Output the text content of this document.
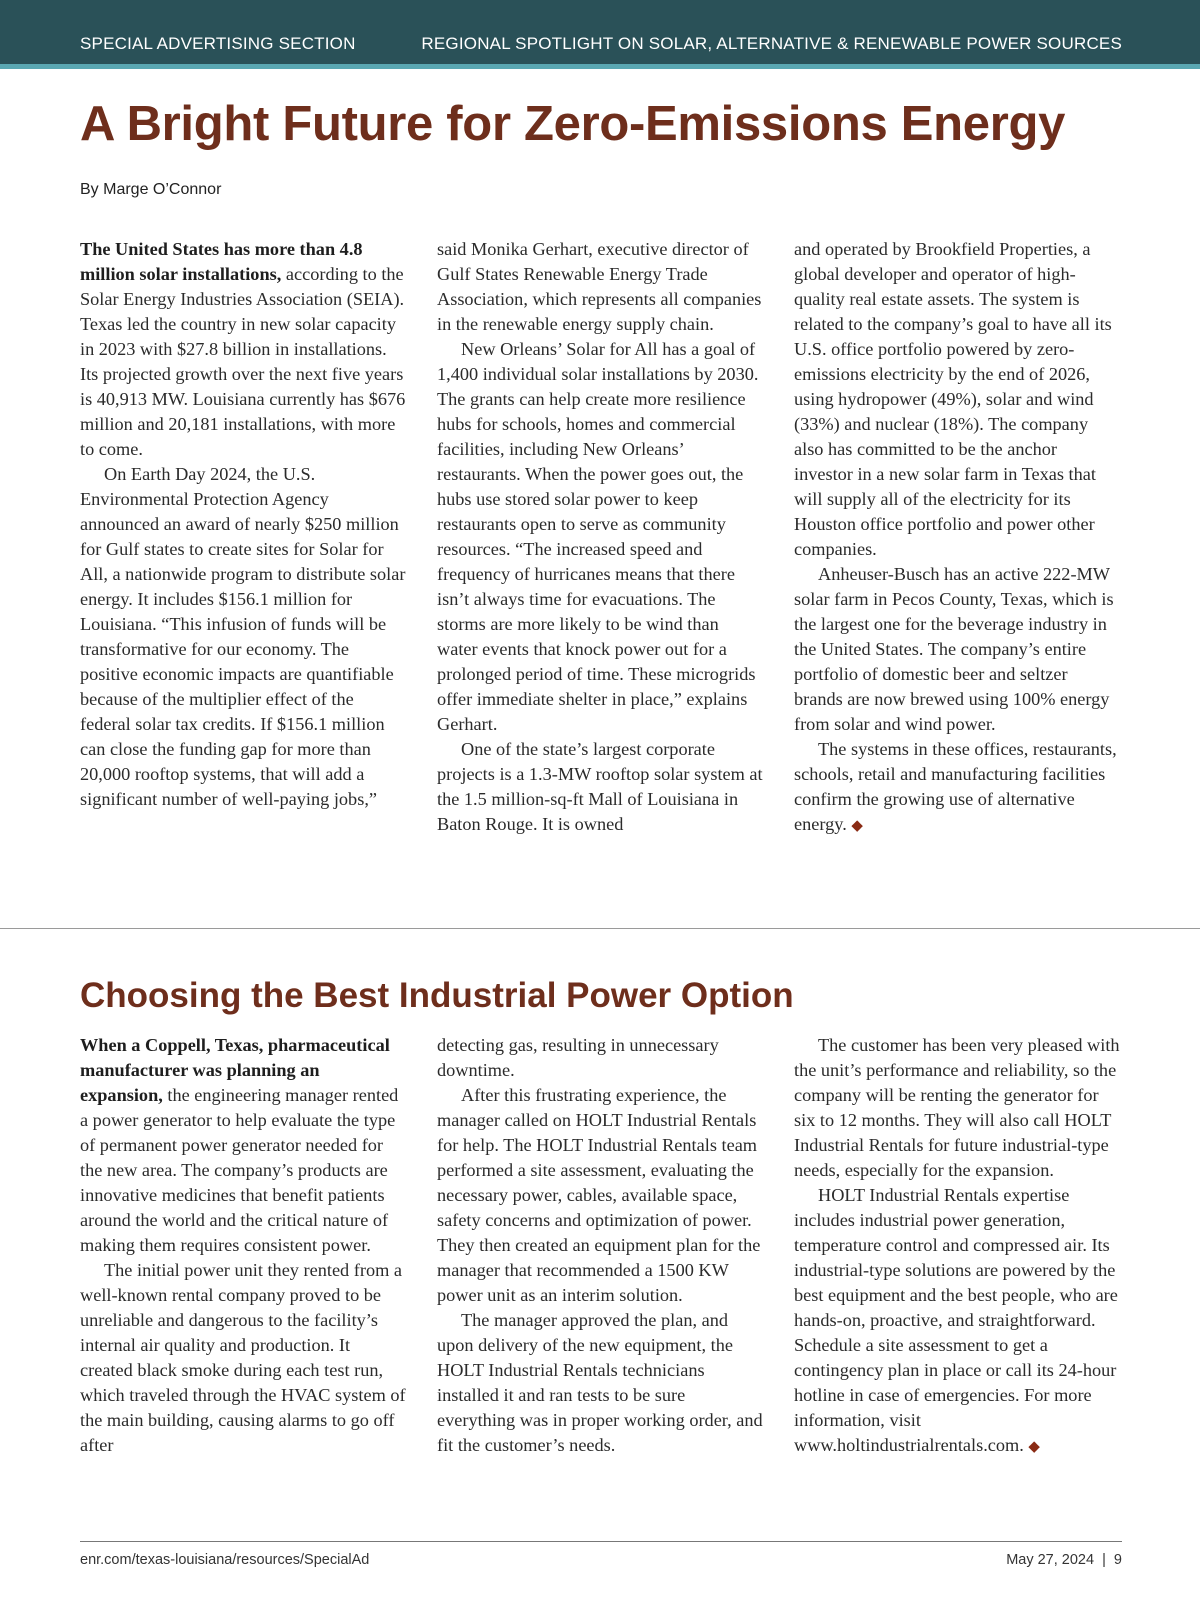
SPECIAL ADVERTISING SECTION	REGIONAL SPOTLIGHT ON SOLAR, ALTERNATIVE & RENEWABLE POWER SOURCES
A Bright Future for Zero-Emissions Energy
By Marge O’Connor

The United States has more than 4.8 million solar installations, according to the Solar Energy Industries Association (SEIA). Texas led the country in new solar capacity in 2023 with $27.8 billion in installations. Its projected growth over the next five years is 40,913 MW. Louisiana currently has $676 million and 20,181 installations, with more to come.

On Earth Day 2024, the U.S. Environmental Protection Agency announced an award of nearly $250 million for Gulf states to create sites for Solar for All, a nationwide program to distribute solar energy. It includes $156.1 million for Louisiana. “This infusion of funds will be transformative for our economy. The positive economic impacts are quantifiable because of the multiplier effect of the federal solar tax credits. If $156.1 million can close the funding gap for more than 20,000 rooftop systems, that will add a significant number of well-paying jobs,”

said Monika Gerhart, executive director of Gulf States Renewable Energy Trade Association, which represents all companies in the renewable energy supply chain.

New Orleans’ Solar for All has a goal of 1,400 individual solar installations by 2030. The grants can help create more resilience hubs for schools, homes and commercial facilities, including New Orleans’ restaurants. When the power goes out, the hubs use stored solar power to keep restaurants open to serve as community resources. “The increased speed and frequency of hurricanes means that there isn’t always time for evacuations. The storms are more likely to be wind than water events that knock power out for a prolonged period of time. These microgrids offer immediate shelter in place,” explains Gerhart.

One of the state’s largest corporate projects is a 1.3-MW rooftop solar system at the 1.5 million-sq-ft Mall of Louisiana in Baton Rouge. It is owned

and operated by Brookfield Properties, a global developer and operator of high-quality real estate assets. The system is related to the company’s goal to have all its U.S. office portfolio powered by zero-emissions electricity by the end of 2026, using hydropower (49%), solar and wind (33%) and nuclear (18%). The company also has committed to be the anchor investor in a new solar farm in Texas that will supply all of the electricity for its Houston office portfolio and power other companies.

Anheuser-Busch has an active 222-MW solar farm in Pecos County, Texas, which is the largest one for the beverage industry in the United States. The company’s entire portfolio of domestic beer and seltzer brands are now brewed using 100% energy from solar and wind power.

The systems in these offices, restaurants, schools, retail and manufacturing facilities confirm the growing use of alternative energy. ◆

Choosing the Best Industrial Power Option

When a Coppell, Texas, pharmaceutical manufacturer was planning an expansion, the engineering manager rented a power generator to help evaluate the type of permanent power generator needed for the new area. The company’s products are innovative medicines that benefit patients around the world and the critical nature of making them requires consistent power.

The initial power unit they rented from a well-known rental company proved to be unreliable and dangerous to the facility’s internal air quality and production. It created black smoke during each test run, which traveled through the HVAC system of the main building, causing alarms to go off after

detecting gas, resulting in unnecessary downtime.

After this frustrating experience, the manager called on HOLT Industrial Rentals for help. The HOLT Industrial Rentals team performed a site assessment, evaluating the necessary power, cables, available space, safety concerns and optimization of power. They then created an equipment plan for the manager that recommended a 1500 KW power unit as an interim solution.

The manager approved the plan, and upon delivery of the new equipment, the HOLT Industrial Rentals technicians installed it and ran tests to be sure everything was in proper working order, and fit the customer’s needs.

The customer has been very pleased with the unit’s performance and reliability, so the company will be renting the generator for six to 12 months. They will also call HOLT Industrial Rentals for future industrial-type needs, especially for the expansion.

HOLT Industrial Rentals expertise includes industrial power generation, temperature control and compressed air. Its industrial-type solutions are powered by the best equipment and the best people, who are hands-on, proactive, and straightforward. Schedule a site assessment to get a contingency plan in place or call its 24-hour hotline in case of emergencies. For more information, visit www.holtindustrialrentals.com. ◆

enr.com/texas-louisiana/resources/SpecialAd	May 27, 2024  |  9
